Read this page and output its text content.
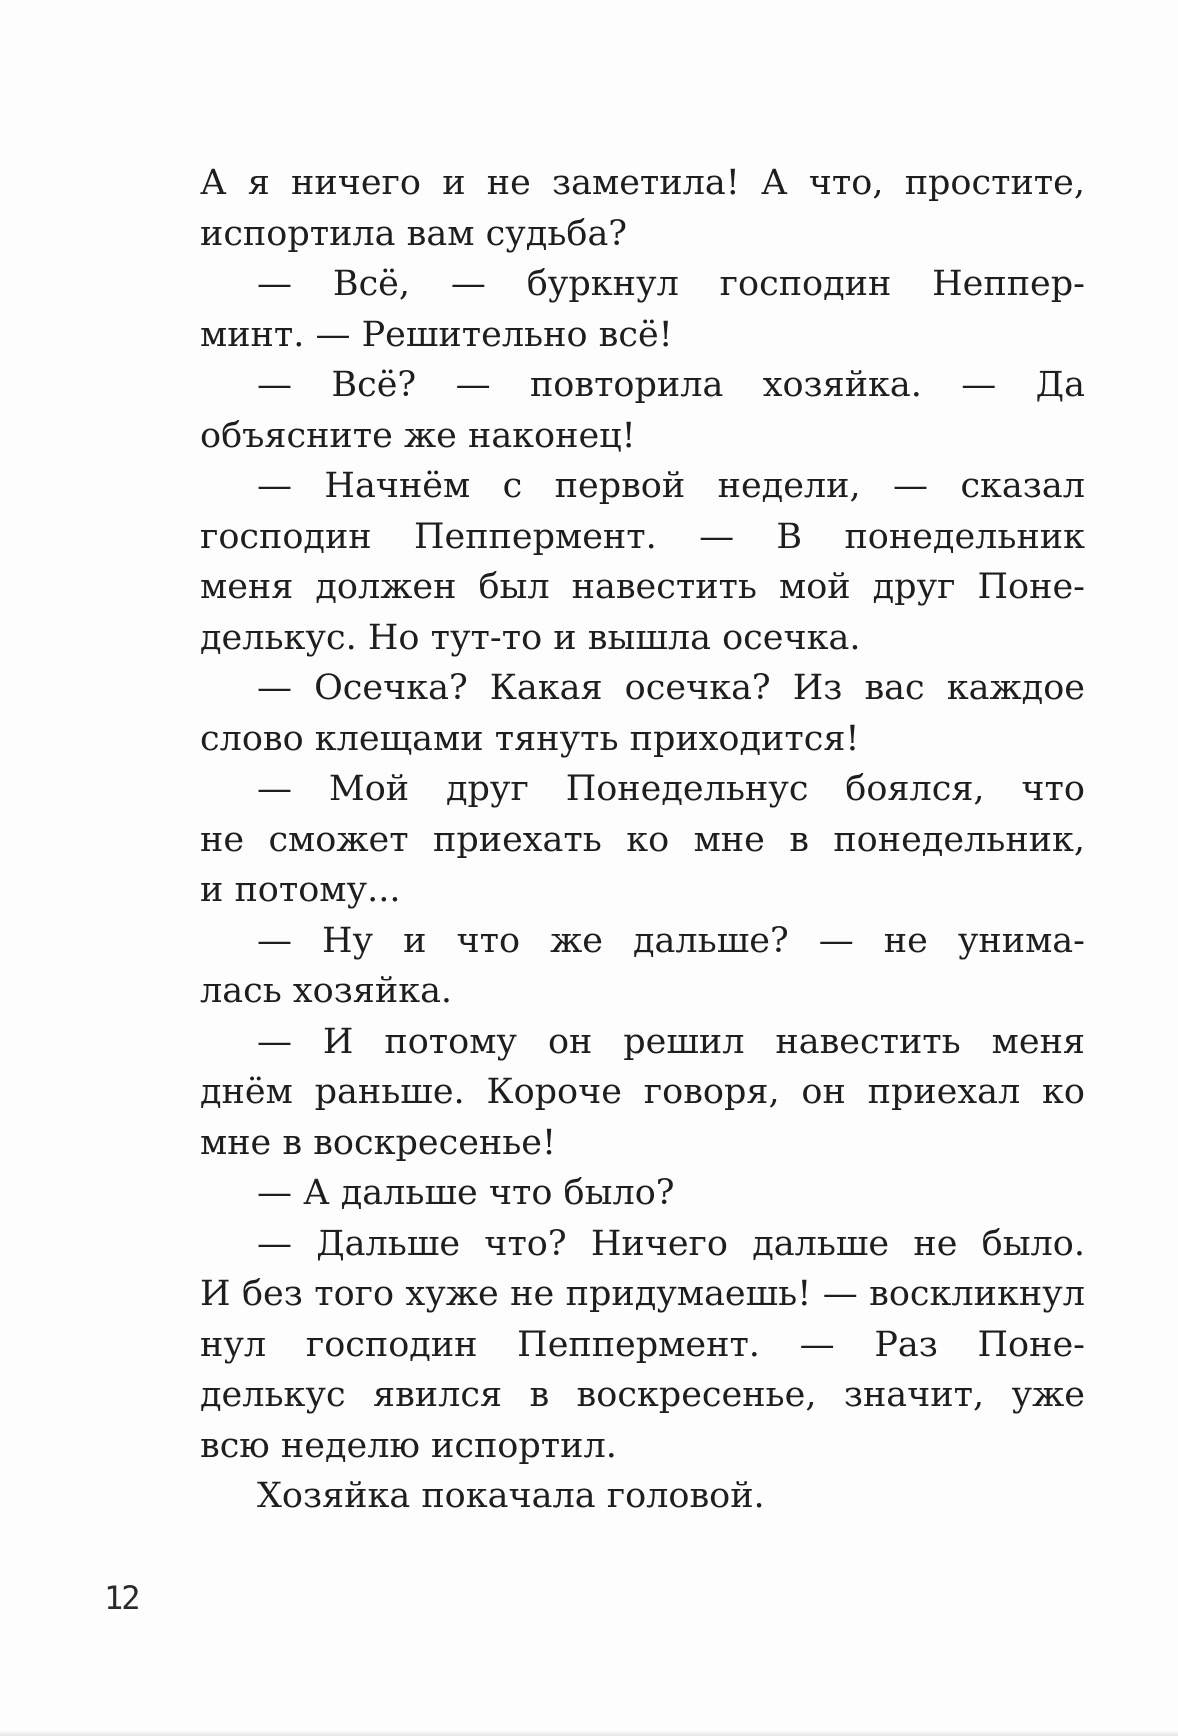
А я ничего и не заметила! А что, простите,
испортила вам судьба?
— Всё, — буркнул господин Неппер-
минт. — Решительно всё!
— Всё? — повторила хозяйка. — Да
объясните же наконец!
— Начнём с первой недели, — сказал
господин Пеппермент. — В понедельник
меня должен был навестить мой друг Поне-
делькус. Но тут-то и вышла осечка.
— Осечка? Какая осечка? Из вас каждое
слово клещами тянуть приходится!
— Мой друг Понедельнус боялся, что
не сможет приехать ко мне в понедельник,
и потому...
— Ну и что же дальше? — не унима-
лась хозяйка.
— И потому он решил навестить меня
днём раньше. Короче говоря, он приехал ко
мне в воскресенье!
— А дальше что было?
— Дальше что? Ничего дальше не было.
И без того хуже не придумаешь! — воскликнул
нул господин Пеппермент. — Раз Поне-
делькус явился в воскресенье, значит, уже
всю неделю испортил.
Хозяйка покачала головой.
12
